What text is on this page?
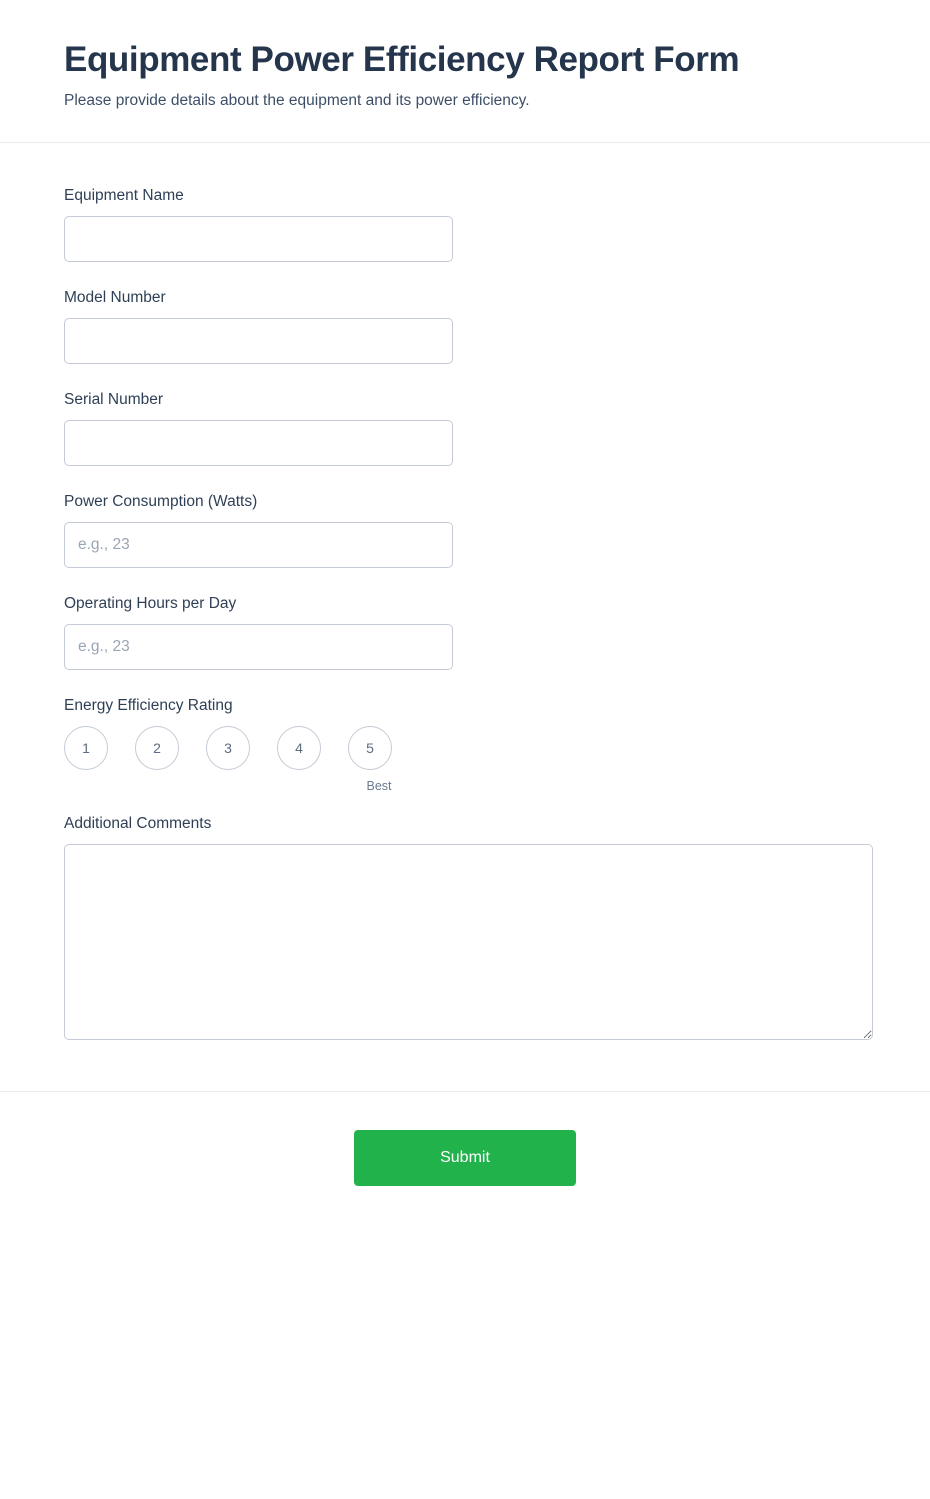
Equipment Power Efficiency Report Form

Please provide details about the equipment and its power efficiency.

Equipment Name
Model Number
Serial Number
Power Consumption (Watts)
e.g., 23
Operating Hours per Day
e.g., 23
Energy Efficiency Rating
1	2	3	4	5
Best
Additional Comments
Submit
